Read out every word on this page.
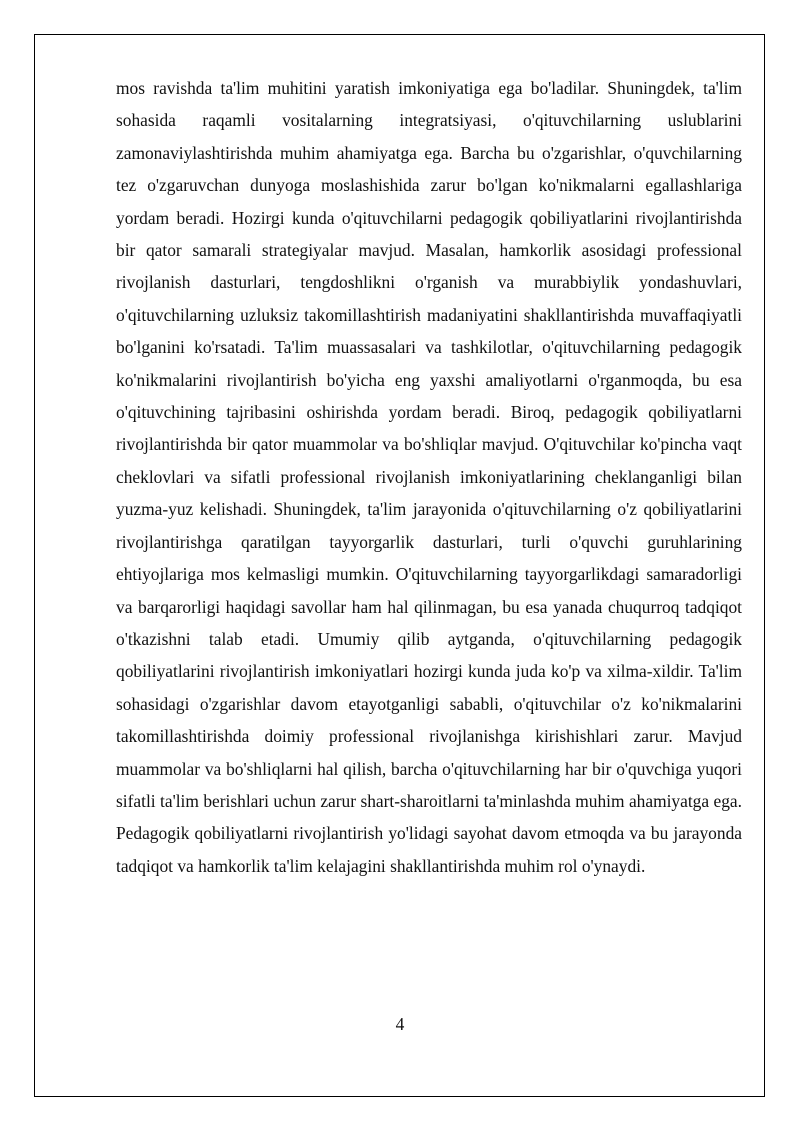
mos ravishda ta'lim muhitini yaratish imkoniyatiga ega bo'ladilar. Shuningdek, ta'lim sohasida raqamli vositalarning integratsiyasi, o'qituvchilarning uslublarini zamonaviylashtirishda muhim ahamiyatga ega. Barcha bu o'zgarishlar, o'quvchilarning tez o'zgaruvchan dunyoga moslashishida zarur bo'lgan ko'nikmalarni egallashlariga yordam beradi. Hozirgi kunda o'qituvchilarni pedagogik qobiliyatlarini rivojlantirishda bir qator samarali strategiyalar mavjud. Masalan, hamkorlik asosidagi professional rivojlanish dasturlari, tengdoshlikni o'rganish va murabbiylik yondashuvlari, o'qituvchilarning uzluksiz takomillashtirish madaniyatini shakllantirishda muvaffaqiyatli bo'lganini ko'rsatadi. Ta'lim muassasalari va tashkilotlar, o'qituvchilarning pedagogik ko'nikmalarini rivojlantirish bo'yicha eng yaxshi amaliyotlarni o'rganmoqda, bu esa o'qituvchining tajribasini oshirishda yordam beradi. Biroq, pedagogik qobiliyatlarni rivojlantirishda bir qator muammolar va bo'shliqlar mavjud. O'qituvchilar ko'pincha vaqt cheklovlari va sifatli professional rivojlanish imkoniyatlarining cheklanganligi bilan yuzma-yuz kelishadi. Shuningdek, ta'lim jarayonida o'qituvchilarning o'z qobiliyatlarini rivojlantirishga qaratilgan tayyorgarlik dasturlari, turli o'quvchi guruhlarining ehtiyojlariga mos kelmasligi mumkin. O'qituvchilarning tayyorgarlikdagi samaradorligi va barqarorligi haqidagi savollar ham hal qilinmagan, bu esa yanada chuqurroq tadqiqot o'tkazishni talab etadi. Umumiy qilib aytganda, o'qituvchilarning pedagogik qobiliyatlarini rivojlantirish imkoniyatlari hozirgi kunda juda ko'p va xilma-xildir. Ta'lim sohasidagi o'zgarishlar davom etayotganligi sababli, o'qituvchilar o'z ko'nikmalarini takomillashtirishda doimiy professional rivojlanishga kirishishlari zarur. Mavjud muammolar va bo'shliqlarni hal qilish, barcha o'qituvchilarning har bir o'quvchiga yuqori sifatli ta'lim berishlari uchun zarur shart-sharoitlarni ta'minlashda muhim ahamiyatga ega. Pedagogik qobiliyatlarni rivojlantirish yo'lidagi sayohat davom etmoqda va bu jarayonda tadqiqot va hamkorlik ta'lim kelajagini shakllantirishda muhim rol o'ynaydi.

4
